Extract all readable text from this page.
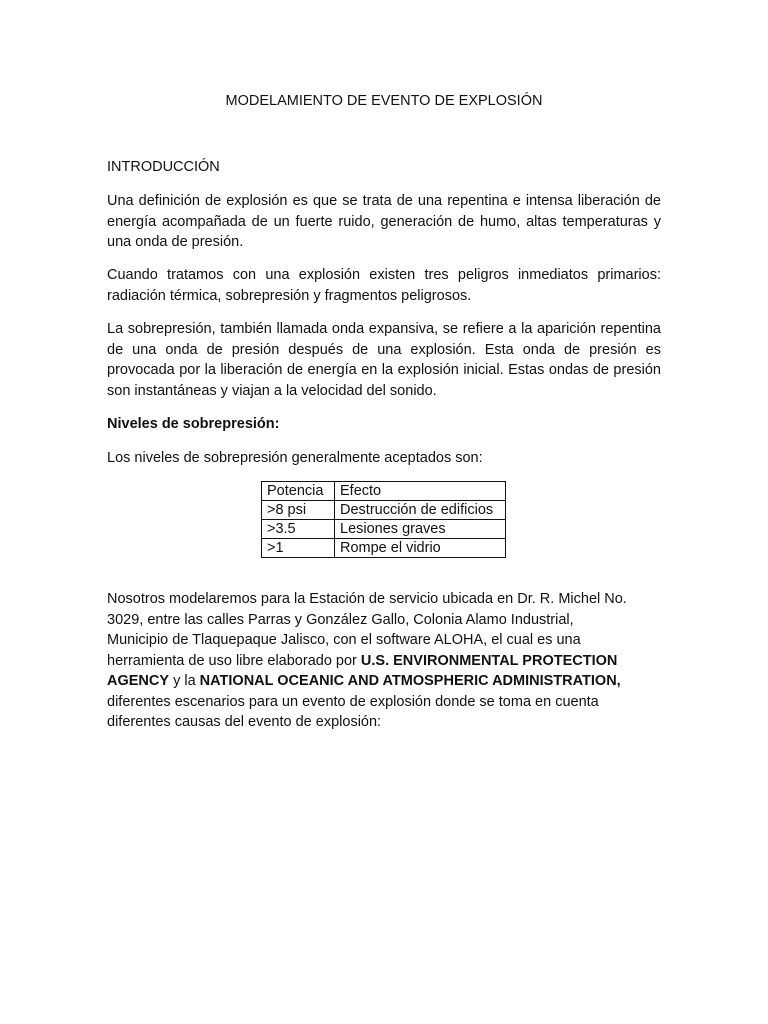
MODELAMIENTO DE EVENTO DE EXPLOSIÓN

INTRODUCCIÓN

Una definición de explosión es que se trata de una repentina e intensa liberación de energía acompañada de un fuerte ruido, generación de humo, altas temperaturas y una onda de presión.

Cuando tratamos con una explosión existen tres peligros inmediatos primarios: radiación térmica, sobrepresión y fragmentos peligrosos.

La sobrepresión, también llamada onda expansiva, se refiere a la aparición repentina de una onda de presión después de una explosión. Esta onda de presión es provocada por la liberación de energía en la explosión inicial. Estas ondas de presión son instantáneas y viajan a la velocidad del sonido.

Niveles de sobrepresión:

Los niveles de sobrepresión generalmente aceptados son:

Potencia	Efecto
>8 psi	Destrucción de edificios
>3.5	Lesiones graves
>1	Rompe el vidrio

Nosotros modelaremos para la Estación de servicio ubicada en Dr. R. Michel No. 3029, entre las calles Parras y González Gallo, Colonia Alamo Industrial, Municipio de Tlaquepaque Jalisco, con el software ALOHA, el cual es una herramienta de uso libre elaborado por U.S. ENVIRONMENTAL PROTECTION AGENCY y la NATIONAL OCEANIC AND ATMOSPHERIC ADMINISTRATION, diferentes escenarios para un evento de explosión donde se toma en cuenta diferentes causas del evento de explosión:
